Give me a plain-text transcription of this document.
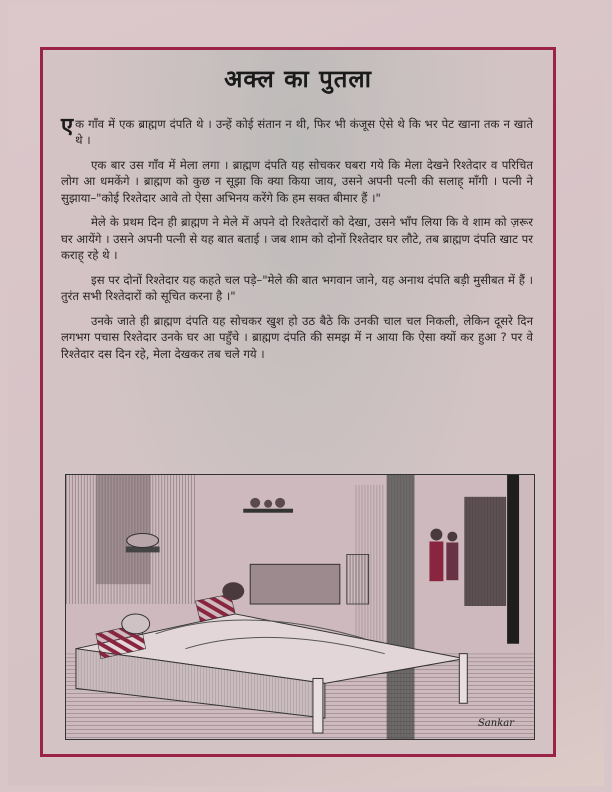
अक्ल का पुतला

एक गाँव में एक ब्राह्मण दंपति थे । उन्हें कोई संतान न थी, फिर भी कंजूस ऐसे थे कि भर पेट खाना तक न खाते थे ।

एक बार उस गाँव में मेला लगा । ब्राह्मण दंपति यह सोचकर घबरा गये कि मेला देखने रिश्तेदार व परिचित लोग आ धमकेंगे । ब्राह्मण को कुछ न सूझा कि क्या किया जाय, उसने अपनी पत्नी की सलाह् माँगी । पत्नी ने सुझाया–"कोई रिश्तेदार आवे तो ऐसा अभिनय करेंगे कि हम सक्त बीमार हैं ।"

मेले के प्रथम दिन ही ब्राह्मण ने मेले में अपने दो रिश्तेदारों को देखा, उसने भाँप लिया कि वे शाम को ज़रूर घर आयेंगे । उसने अपनी पत्नी से यह बात बताई । जब शाम को दोनों रिश्तेदार घर लौटे, तब ब्राह्मण दंपति खाट पर कराह् रहे थे ।

इस पर दोनों रिश्तेदार यह कहते चल पड़े–"मेले की बात भगवान जाने, यह अनाथ दंपति बड़ी मुसीबत में हैं । तुरंत सभी रिश्तेदारों को सूचित करना है ।"

उनके जाते ही ब्राह्मण दंपति यह सोचकर खुश हो उठ बैठे कि उनकी चाल चल निकली, लेकिन दूसरे दिन लगभग पचास रिश्तेदार उनके घर आ पहुँचे । ब्राह्मण दंपति की समझ में न आया कि ऐसा क्यों कर हुआ ? पर वे रिश्तेदार दस दिन रहे, मेला देखकर तब चले गये ।

Sankar
